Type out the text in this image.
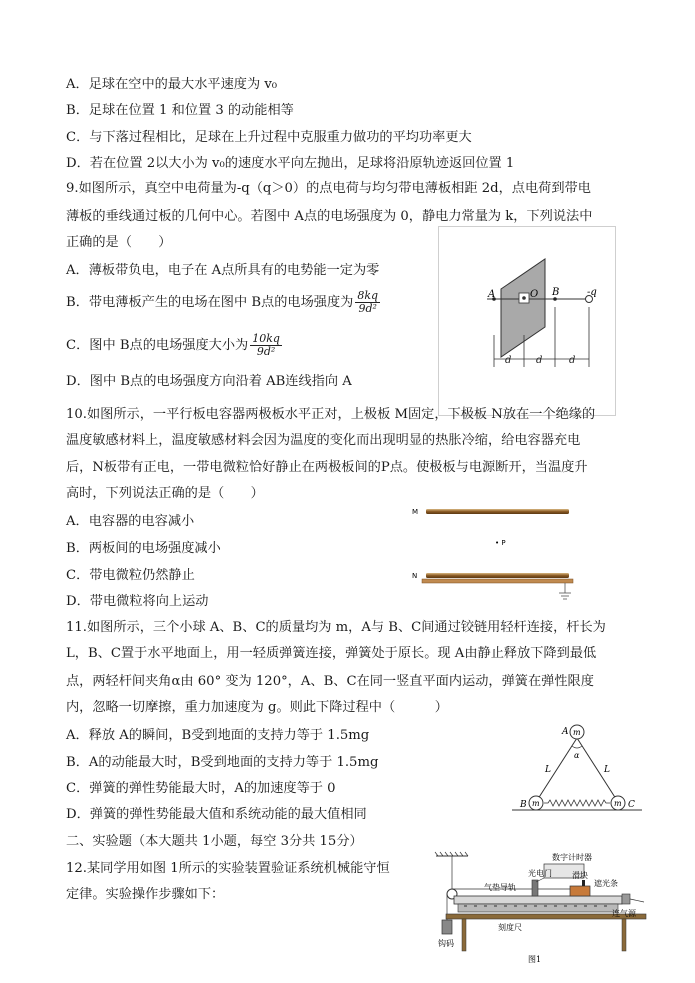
A．足球在空中的最大水平速度为 v₀
B．足球在位置 1 和位置 3 的动能相等
C．与下落过程相比，足球在上升过程中克服重力做功的平均功率更大
D．若在位置 2以大小为 v₀的速度水平向左抛出，足球将沿原轨迹返回位置 1
9.如图所示，真空中电荷量为-q（q＞0）的点电荷与均匀带电薄板相距 2d，点电荷到带电
薄板的垂线通过板的几何中心。若图中 A点的电场强度为 0，静电力常量为 k，下列说法中
正确的是（　　）
A．薄板带负电，电子在 A点所具有的电势能一定为零
B．带电薄板产生的电场在图中 B点的电场强度为 $\frac{8kq}{\text{9d²}}$
C．图中 B点的电场强度大小为 $\frac{10kq}{\text{9d²}}$
D．图中 B点的电场强度方向沿着 AB连线指向 A
A	O B	-q
d d	d
10.如图所示，一平行板电容器两极板水平正对，上极板 M固定，下极板 N放在一个绝缘的
温度敏感材料上，温度敏感材料会因为温度的变化而出现明显的热胀冷缩，给电容器充电
后，N板带有正电，一带电微粒恰好静止在两极板间的P点。使极板与电源断开，当温度升
高时，下列说法正确的是（　　）
A．电容器的电容减小
B．两板间的电场强度减小
C．带电微粒仍然静止
D．带电微粒将向上运动
M
• P
N
11.如图所示，三个小球 A、B、C的质量均为 m，A与 B、C间通过铰链用轻杆连接，杆长为
L，B、C置于水平地面上，用一轻质弹簧连接，弹簧处于原长。现 A由静止释放下降到最低
点，两轻杆间夹角α由 60° 变为 120°，A、B、C在同一竖直平面内运动，弹簧在弹性限度
内，忽略一切摩擦，重力加速度为 g。则此下降过程中（　　　）
A．释放 A的瞬间，B受到地面的支持力等于 1.5mg
B．A的动能最大时，B受到地面的支持力等于 1.5mg
C．弹簧的弹性势能最大时，A的加速度等于 0
D．弹簧的弹性势能最大值和系统动能的最大值相同
α
m
A
m
B	m C
L	L
二、实验题（本大题共 1小题，每空 3分共 15分）
12.某同学用如图 1所示的实验装置验证系统机械能守恒
定律。实验操作步骤如下：
钩码
数字计时器
气垫导轨
光电门	滑块
遮光条
连气源
刻度尺
图1
